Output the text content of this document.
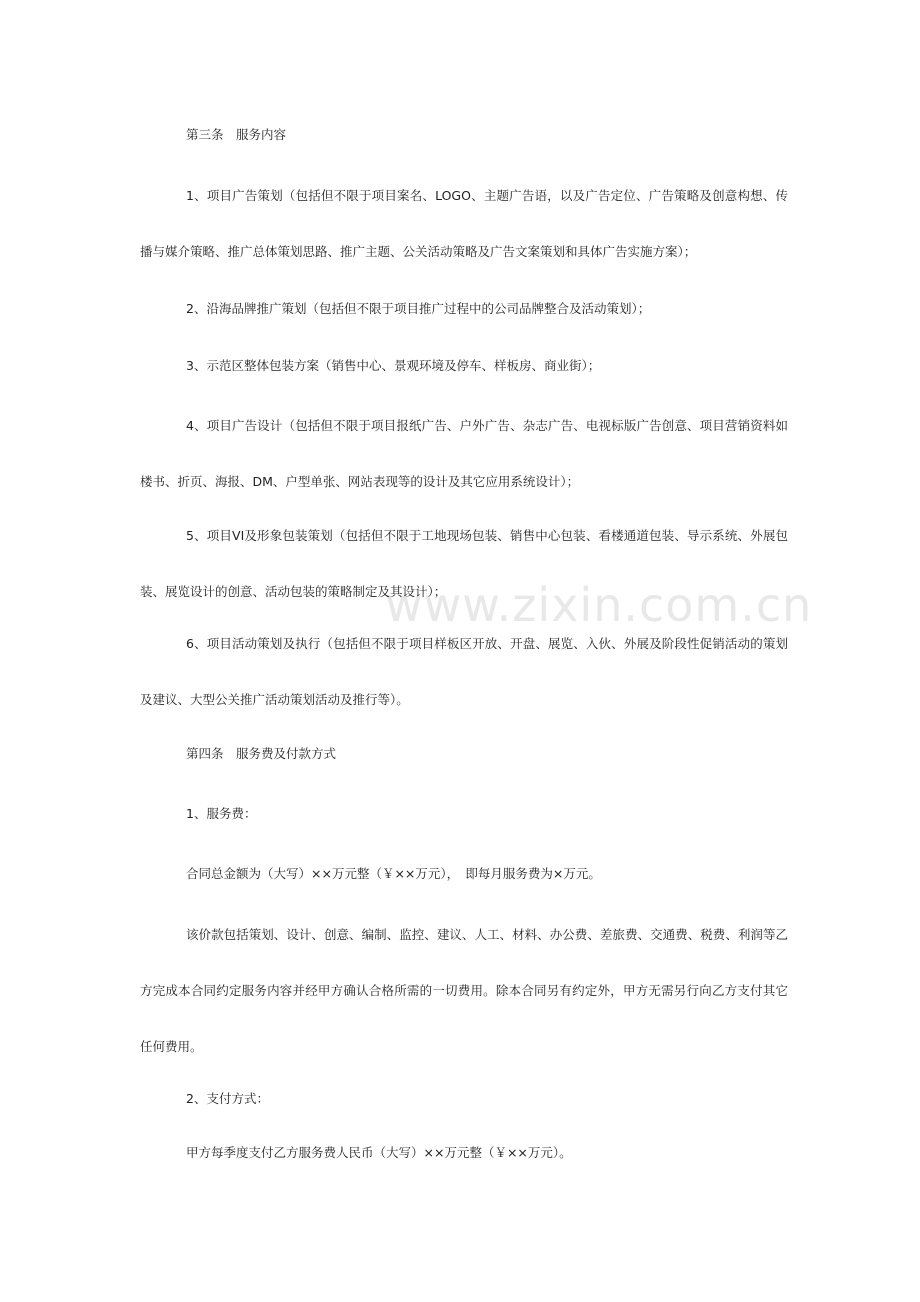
www.zixin.com.cn

第三条　服务内容

1、项目广告策划（包括但不限于项目案名、LOGO、主题广告语，以及广告定位、广告策略及创意构想、传播与媒介策略、推广总体策划思路、推广主题、公关活动策略及广告文案策划和具体广告实施方案）；

2、沿海品牌推广策划（包括但不限于项目推广过程中的公司品牌整合及活动策划）；

3、示范区整体包装方案（销售中心、景观环境及停车、样板房、商业街）；

4、项目广告设计（包括但不限于项目报纸广告、户外广告、杂志广告、电视标版广告创意、项目营销资料如楼书、折页、海报、DM、户型单张、网站表现等的设计及其它应用系统设计）；

5、项目VI及形象包装策划（包括但不限于工地现场包装、销售中心包装、看楼通道包装、导示系统、外展包装、展览设计的创意、活动包装的策略制定及其设计）；

6、项目活动策划及执行（包括但不限于项目样板区开放、开盘、展览、入伙、外展及阶段性促销活动的策划及建议、大型公关推广活动策划活动及推行等）。

第四条　服务费及付款方式

1、服务费：

合同总金额为（大写）××万元整（￥××万元），　即每月服务费为×万元。

该价款包括策划、设计、创意、编制、监控、建议、人工、材料、办公费、差旅费、交通费、税费、利润等乙方完成本合同约定服务内容并经甲方确认合格所需的一切费用。除本合同另有约定外，甲方无需另行向乙方支付其它任何费用。

2、支付方式：

甲方每季度支付乙方服务费人民币（大写）××万元整（￥××万元）。
